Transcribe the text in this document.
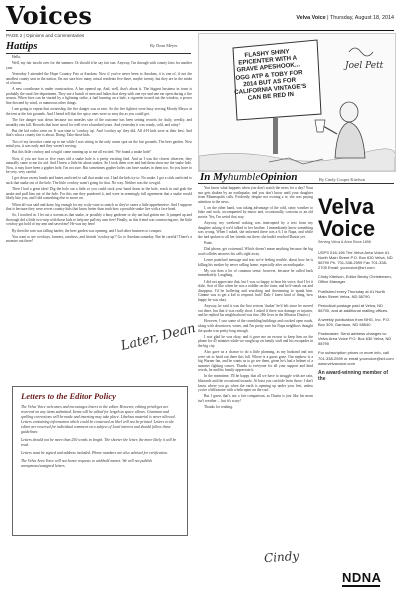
Voices	Velva Voice | Thursday, August 18, 2014
PAGE 2 | Opinions and Commentaries
Hattips	By Dean Meyer

Hello,

Well, my fair incoln over for the summer. Or should it be say fair sun. Anyway, I'm through with county fairs for another year.

Yesterday I attended the Hope Country Fair at Anodam. Now if you've never been to Anodam, it is one of, if not the smallest county seat in the nation, I'm not sure how many actual residents live there, maybe twenty, but they are in the midst of a boom.

A new courthouse is under construction. A bar opened up. And, well, that's about it. The biggest business in town is probably the rural fire department. They use a bunch of men and ladies that sleep with one eye and one ear open during a fire season. When fires can be started by a lightning strike, a fuel burning on a bale, a cigarette tossed out the window, a power line downed by wind, or numerous other things.

I am going to repeat that ownership, the fire danger was at zero. So the fire fighters were busy serving Moody Mayor at the tent at the fair grounds. And I heard tell that fire spicy ones were so easy the as you could get.

The fire danger was down because too measles size of the outcome has been setting records for daily, weekly, and monthly rain fall. Records that have stood for well over a hundred years. And yesterday it was windy, cold, and rainy!

But the kid rodeo went on. It was time to 'cowboy up'. And 'cowboy up' they did. All 4-H kids were at their best. And that's what a county fair is about. Doing. Take those kids.

Two of my favorites came up to me while I was sitting in the only warm spot on the fair grounds. The beer garden. Now mind you, it was early and they weren't serving.

But this little cowboy and cowgirl came running up to me all excited. 'We found a snake hole!'

Now, if you are four or five years old a snake hole is a pretty exciting find. And as I was the closest observer, they naturally came to me for aid. And I knew a little bit about snakes. So I took them over and had them show me the snake hole. Now, it may have been a gopher hole, I'm not sure. But sometimes gopher holes can have snakes in them too. So you have to be very, very careful.

I got down on my hands and knees and tried to call that snake out. I had the kids try to. No snake. I got a stick and tried to suck that snake out of the hole. The little cowboy wasn't going for that. No way. Neither was the cowgirl.

Then I had a great idea! Dig the hole out a little so you could stick your hand down in the hole, reach in and grab the snake and pull him out of the hole. For this one they pondered it, and were in seemingly full agreement that a snake would likely bite you, and I did something else to move on.

When all was said and done, big enough for my scaly-cone to snatch so they're canes a little apprehensive. And I suppose that is because they were secret country kids that know better than truth how a possible snake live with a face head.

So, I touched in. I let out a scream as that snake, or possibly a busy gardener or shy ant had gotten me. It jumped up and thorough did a little two-step with those kids to help me pull my arm free! Finally, as this friend was comeswing me, the little cowboy got hold of my arm and saved me! He was my hero!

By then the rain was falling harder, the beer garden was opening, and I had other business to conquer.

You want to see cowboys, farmers, ranchers, and friends 'cowboy up'? Go to Anodam someday. But be careful! There's a monster out there!

Later, Dean
Letters to the Editor Policy

The Velva Voice welcomes and encourages letters to the editor. However, editing privileges are reserved on any items submitted. Items will be edited for length as space allows. Grammar and spelling corrections will be made and inserting may take place. Libelous material is never allowed. Letters containing information which could be construed as libel will not be printed. Letters to the editor are reserved for individual comment on a subject of local interest and should follow these guidelines:

Letters should not be more than 250 words in length. The shorter the letter, the more likely it will be read.

Letters must be signed and address included. Phone numbers are also advised for verification.

The Velva Area Voice will not honor requests to withhold names. We will not publish anonymous/unsigned letters.

Joel Pett
FLASHY SHINY EPICENTER WITH A GRAVE APESHOOK... OGG ATP & TOBY FOR 2014 BUT AS FOR CALIFORNIA VINTAGE'S CAN BE RED IN
In MyhumbleOpinion	By Cindy Cooper Kitelson

You know what happens when you don't watch the news for a day? Your sun gets shaken by an earthquake, and you don't know until your daughter from Minneapolis calls. Evidently, despite not owning a tv, she was paying attention to the news.

I, on the other hand, was taking advantage of the cold, rainy weather to bake and cook, accompanied by music and, occasionally, cartoons or an old movie. Yes, I'm weird that way.

Anyway, my weekend waking was interrupted by a text from my daughter asking if we'd talked to her brother. I immediately knew something was wrong. When I asked, she informed there was a 6.1 in Napa, and while she had spoken to all her friends out there, she hadn't reached Dustin yet.

Panic.

Dial phone, get voicemail. Which doesn't mean anything because the big road collides answers his calls right away.

Leave panicked message and text we're feeling terrible. about how he is killing his mother by never calling home, especially after an earthquake.

My son does a lot of common sense, however, because he called back immediately. Laughing.

I did not appreciate that, but I was so happy to hear his voice, that I let it slide. Sort of like when he was a toddler on the farm, and he'd sneak out and disappear. I'd be hollering and searching and threatening to spank him. Gimme was to get a kid to respond, huh? Dah; I knew kind of thing, how happy he was okay.

Anyway, he said it was the first serious 'shaker' he'd felt since he moved out there, but that it was really short. I asked if there was damage or injuries, and he replied his neighborhood was fine. (He lives in the Mission District.)

However, I saw some of the crumbling buildings and cracked open roads, along with downtown, wines, and I'm pretty sure his Napa neighbors thought the quake was pretty long enough.

I was glad he was okay, and it gave me an excuse to keep him on the phone for 45 minutes while we caught up on family stuff and his escapades in the big city.

Also gave us a chance to do a little planning, as my husband and son were set to head out there this fall. Where is a guess gone. Our nephew is a big Warner fan, and he wants us to go see them, given he's had a helmet of a summer fighting cancer. Thanks to everyone for all your support and kind words, he and his family appreciate it.

In the meantime, I'll be happy that all we have to struggle with are rain, blizzards and the occasional tornado. At least you can hide from those; I don't know where you go when the earth is opening up under your feet, unless you're a billionaire with a helicopter on the roof.

But I guess that's not a fair comparison, as Dustin is just like his mom isn't weather ... but it's scary!

Thanks for reading.

Cindy
Velva
Voice
Serving Velva & Area Since 1898

USPS 016-196 The Velva Area Voice #1 North Main Street P.O. Box 630 Velva, ND 58790 Ph. 701-338-2599 Fax 701-338-2705 Email: yourvoice@srt.com

Cindy Kitelson, Editor Becky Christensen, Office Manager

Published every Thursday at #1 North Main Street Velva, ND 58790

Periodical postage paid at Velva, ND 58790, and at additional mailing offices.

A weekly publication from BHG, Inc. P.O. Box 309, Garrison, ND 58540

Postmaster: Send address changes to: Velva Area Voice P.O. Box 630 Velva, ND 58790

For subscription prices or more info, call 701-338-2599 or email yourvoice@srt.com www.velvavoice.com

An award-winning member of the

NDNA
